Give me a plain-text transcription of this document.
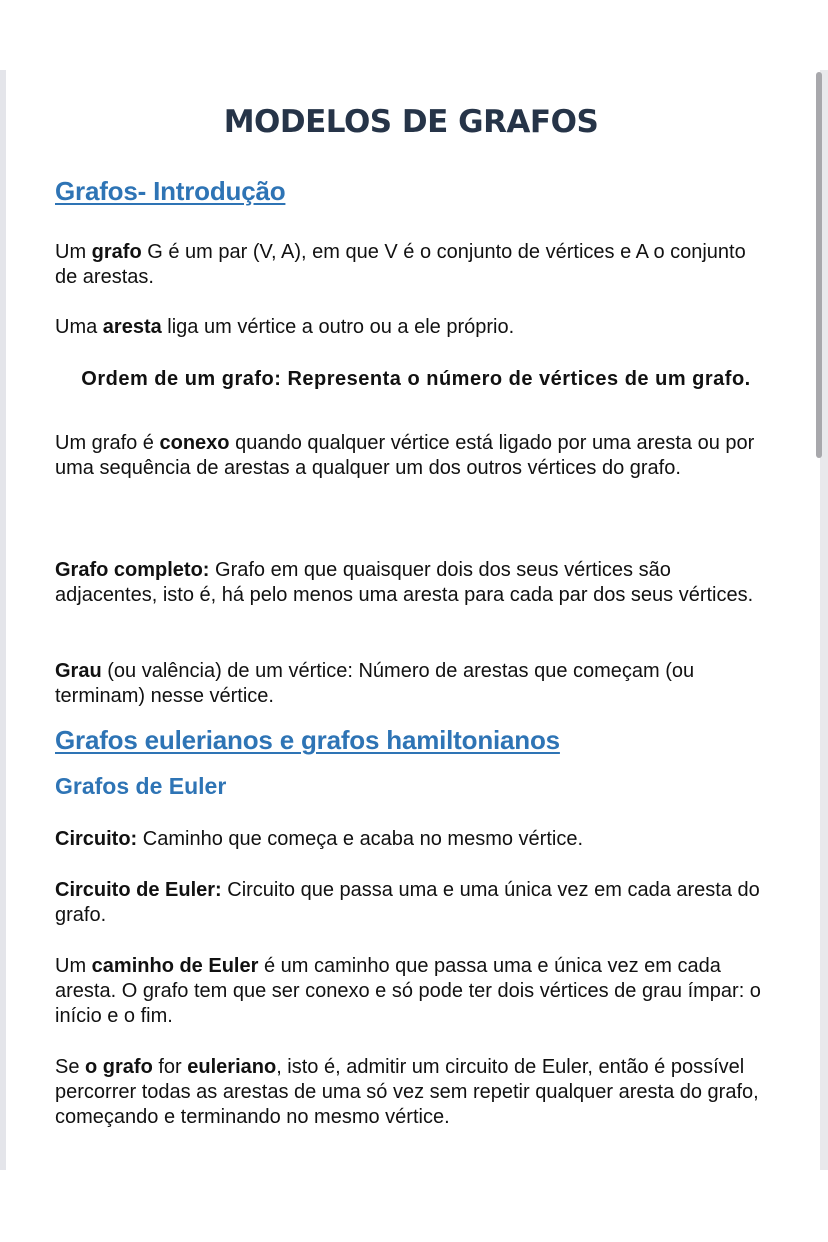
MODELOS DE GRAFOS
Grafos- Introdução
Um grafo G é um par (V, A), em que V é o conjunto de vértices e A o conjunto de arestas.
Uma aresta liga um vértice a outro ou a ele próprio.
Ordem de um grafo: Representa o número de vértices de um grafo.
Um grafo é conexo quando qualquer vértice está ligado por uma aresta ou por uma sequência de arestas a qualquer um dos outros vértices do grafo.
Grafo completo: Grafo em que quaisquer dois dos seus vértices são adjacentes, isto é, há pelo menos uma aresta para cada par dos seus vértices.
Grau (ou valência) de um vértice: Número de arestas que começam (ou terminam) nesse vértice.
Grafos eulerianos e grafos hamiltonianos
Grafos de Euler
Circuito: Caminho que começa e acaba no mesmo vértice.
Circuito de Euler: Circuito que passa uma e uma única vez em cada aresta do grafo.
Um caminho de Euler é um caminho que passa uma e única vez em cada aresta. O grafo tem que ser conexo e só pode ter dois vértices de grau ímpar: o início e o fim.
Se o grafo for euleriano, isto é, admitir um circuito de Euler, então é possível percorrer todas as arestas de uma só vez sem repetir qualquer aresta do grafo, começando e terminando no mesmo vértice.
